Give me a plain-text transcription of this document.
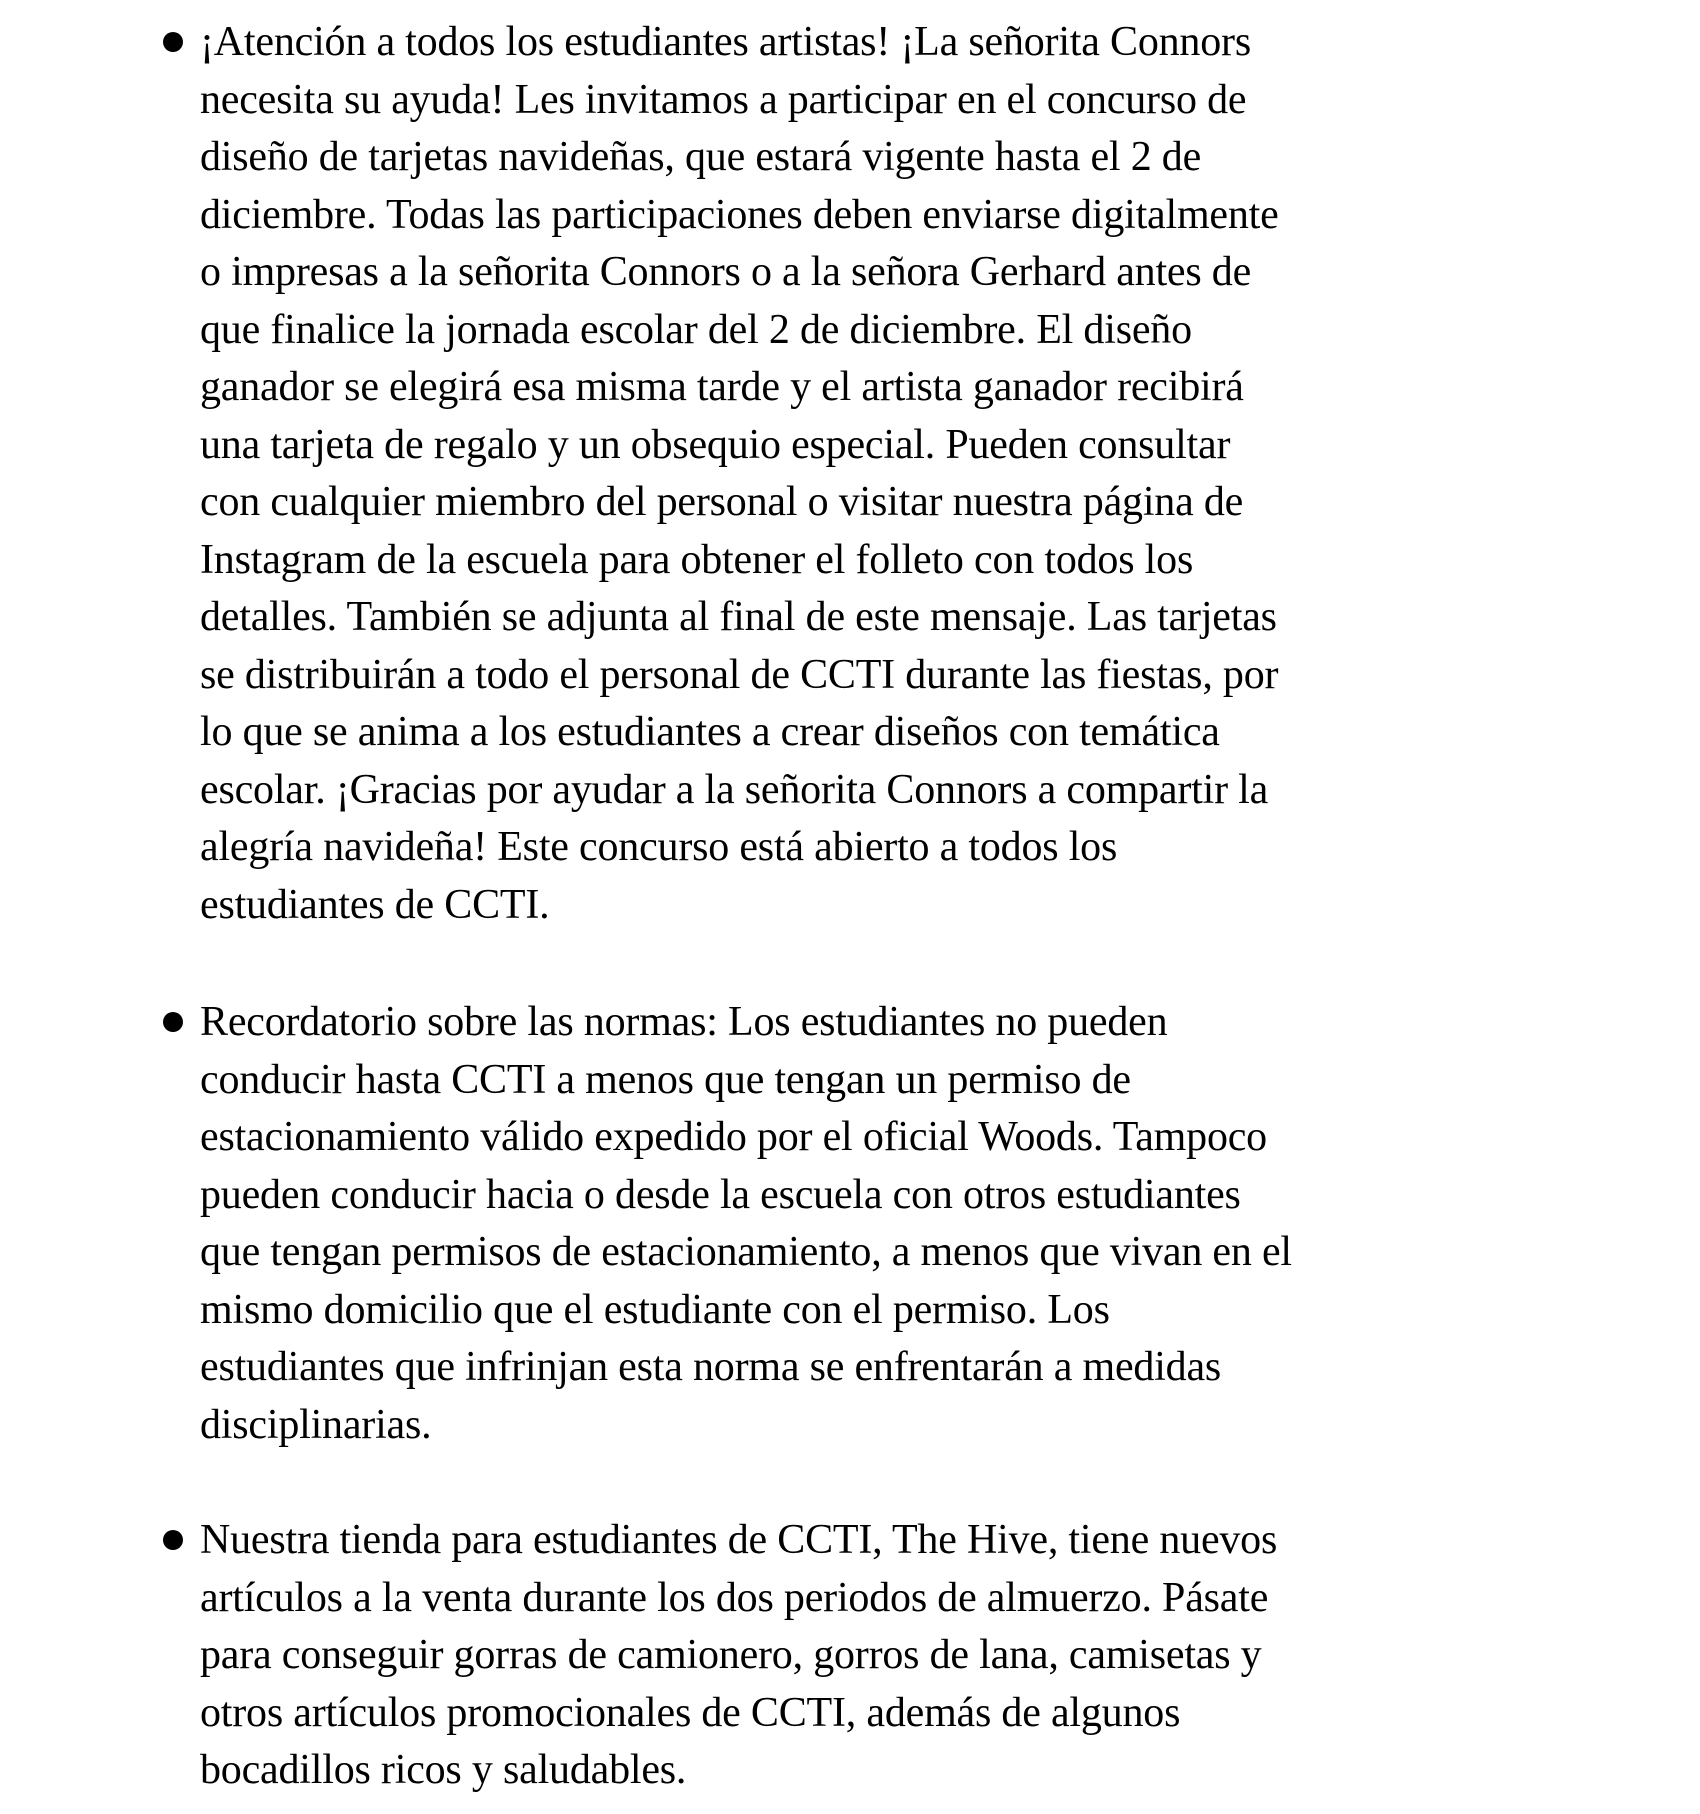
¡Atención a todos los estudiantes artistas! ¡La señorita Connors
necesita su ayuda! Les invitamos a participar en el concurso de
diseño de tarjetas navideñas, que estará vigente hasta el 2 de
diciembre. Todas las participaciones deben enviarse digitalmente
o impresas a la señorita Connors o a la señora Gerhard antes de
que finalice la jornada escolar del 2 de diciembre. El diseño
ganador se elegirá esa misma tarde y el artista ganador recibirá
una tarjeta de regalo y un obsequio especial. Pueden consultar
con cualquier miembro del personal o visitar nuestra página de
Instagram de la escuela para obtener el folleto con todos los
detalles. También se adjunta al final de este mensaje. Las tarjetas
se distribuirán a todo el personal de CCTI durante las fiestas, por
lo que se anima a los estudiantes a crear diseños con temática
escolar. ¡Gracias por ayudar a la señorita Connors a compartir la
alegría navideña! Este concurso está abierto a todos los
estudiantes de CCTI.
Recordatorio sobre las normas: Los estudiantes no pueden
conducir hasta CCTI a menos que tengan un permiso de
estacionamiento válido expedido por el oficial Woods. Tampoco
pueden conducir hacia o desde la escuela con otros estudiantes
que tengan permisos de estacionamiento, a menos que vivan en el
mismo domicilio que el estudiante con el permiso. Los
estudiantes que infrinjan esta norma se enfrentarán a medidas
disciplinarias.
Nuestra tienda para estudiantes de CCTI, The Hive, tiene nuevos
artículos a la venta durante los dos periodos de almuerzo. Pásate
para conseguir gorras de camionero, gorros de lana, camisetas y
otros artículos promocionales de CCTI, además de algunos
bocadillos ricos y saludables.
